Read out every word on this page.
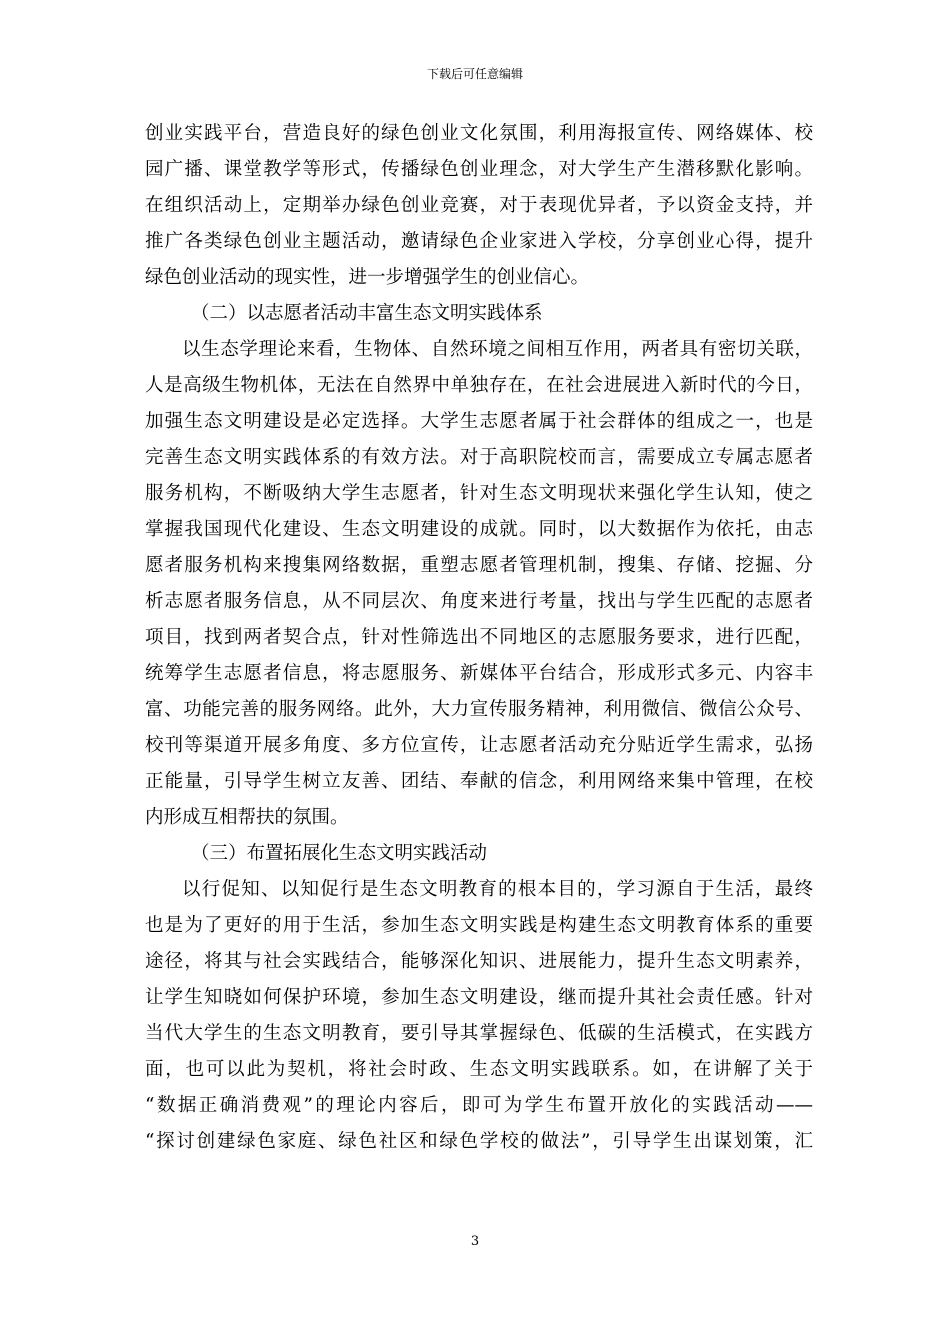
下载后可任意编辑
创业实践平台，营造良好的绿色创业文化氛围，利用海报宣传、网络媒体、校
园广播、课堂教学等形式，传播绿色创业理念，对大学生产生潜移默化影响。
在组织活动上，定期举办绿色创业竞赛，对于表现优异者，予以资金支持，并
推广各类绿色创业主题活动，邀请绿色企业家进入学校，分享创业心得，提升
绿色创业活动的现实性，进一步增强学生的创业信心。
（二）以志愿者活动丰富生态文明实践体系
以生态学理论来看，生物体、自然环境之间相互作用，两者具有密切关联，
人是高级生物机体，无法在自然界中单独存在，在社会进展进入新时代的今日，
加强生态文明建设是必定选择。大学生志愿者属于社会群体的组成之一，也是
完善生态文明实践体系的有效方法。对于高职院校而言，需要成立专属志愿者
服务机构，不断吸纳大学生志愿者，针对生态文明现状来强化学生认知，使之
掌握我国现代化建设、生态文明建设的成就。同时，以大数据作为依托，由志
愿者服务机构来搜集网络数据，重塑志愿者管理机制，搜集、存储、挖掘、分
析志愿者服务信息，从不同层次、角度来进行考量，找出与学生匹配的志愿者
项目，找到两者契合点，针对性筛选出不同地区的志愿服务要求，进行匹配，
统筹学生志愿者信息，将志愿服务、新媒体平台结合，形成形式多元、内容丰
富、功能完善的服务网络。此外，大力宣传服务精神，利用微信、微信公众号、
校刊等渠道开展多角度、多方位宣传，让志愿者活动充分贴近学生需求，弘扬
正能量，引导学生树立友善、团结、奉献的信念，利用网络来集中管理，在校
内形成互相帮扶的氛围。
（三）布置拓展化生态文明实践活动
以行促知、以知促行是生态文明教育的根本目的，学习源自于生活，最终
也是为了更好的用于生活，参加生态文明实践是构建生态文明教育体系的重要
途径，将其与社会实践结合，能够深化知识、进展能力，提升生态文明素养，
让学生知晓如何保护环境，参加生态文明建设，继而提升其社会责任感。针对
当代大学生的生态文明教育，要引导其掌握绿色、低碳的生活模式，在实践方
面，也可以此为契机，将社会时政、生态文明实践联系。如，在讲解了关于
“数据正确消费观”的理论内容后，即可为学生布置开放化的实践活动——
“探讨创建绿色家庭、绿色社区和绿色学校的做法”，引导学生出谋划策，汇
3
